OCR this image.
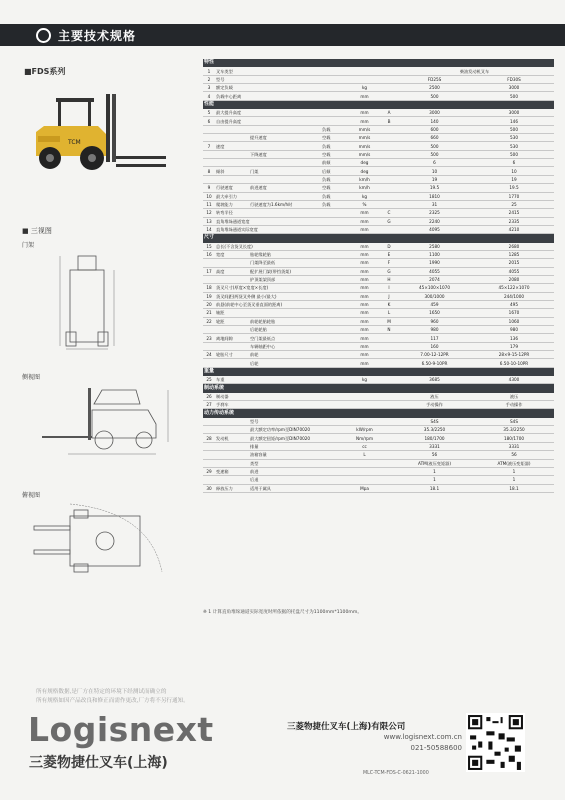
主要技术规格
■FDS系列
TCM
■ 三视图
门架
侧视图
俯视图
特性							
1	叉车类型					柴油发动机叉车	
2	型号					FD25S	FD30S
3	额定负载			kg		2500	3000
4	负载中心距离			mm		500	500
性能							
5	最大提升高度			mm	A	3000	3000
6	自由提升高度			mm	B	140	146
			负载	mm/s		600	500
		提升速度	空载	mm/s		660	530
7	速度		负载	mm/s		500	530
		下降速度	空载	mm/s		500	500
			前倾	deg		6	6
8	倾斜	门架	后倾	deg		10	10
			负载	km/h		19	19
9	行驶速度	前进速度	空载	km/h		19.5	19.5
10	最大牵引力		负载	kg		1810	1770
11	爬坡能力	行驶速度为1.6km/h时	负载	%		31	25
12	转弯半径			mm	C	2325	2415
13	直角堆垛通道宽度			mm	G	2240	2335
14	直角堆垛通道实际宽度			mm		4095	4210
尺寸							
15	总长(不含货叉长度)			mm	D	2580	2680
16	宽度	胎轮缘轮胎		mm	E	1100	1285
		门架降至最低		mm	F	1990	2015
17	高度	配扩展门架(带挡货架)		mm	G	4055	4055
		护顶架架顶部		mm	H	2074	2080
18	货叉尺寸(厚度×宽度×长度)			mm	I	45×100×1070	45×122×1070
19	货叉间距(两货叉外侧 最小/最大)			mm	J	300/1000	244/1000
20	前悬(前轮中心至货叉垂直面的距离)			mm	K	459	495
21	轴距			mm	L	1650	1670
22	轮距	前轮轮胎轮胎		mm	M	960	1060
		后轮轮胎		mm	N	980	980
23	离地间隙	空门架最低点		mm		117	136
		车辆轴距中心		mm		160	179
24	轮胎尺寸	前轮		mm		7.00-12-12PR	28×9-15-12PR
		后轮		mm		6.50-9-10PR	6.50-10-10PR
重量							
25	车重			kg		3685	4300
制动系统							
26	制动器					液压	液压
27	手刹车					手动操作	手动操作
动力传动系统							
		型号				S4S	S4S
		最大额定功率/rpm至DIN70020		kW/rpm		35.3/2250	35.3/2250
28	发动机	最大额定扭矩/rpm至DIN70020		Nm/rpm		180/1700	180/1700
		排量		cc		3331	3331
		油箱容量		L		56	56
		类型				ATM(液压变矩器)	ATM(液压变矩器)
29	变速箱	前进				1	1
		后退				1	1
30	释放压力	适用于属具		Mpa		18.1	18.1
※ 1 计算直角堆垛通道实际宽度时所依据的托盘尺寸为1100mm*1100mm。
所有规格数据,是厂方在特定的环境下经测试而确立的
所有规格如因产品改良和修正而需作更改,厂方将不另行通知。
Logisnext
三菱物捷仕叉车(上海)
三菱物捷仕叉车(上海)有限公司
www.logisnext.com.cn
021-50588600
MLC-TCM-FDS-C-0621-1000
